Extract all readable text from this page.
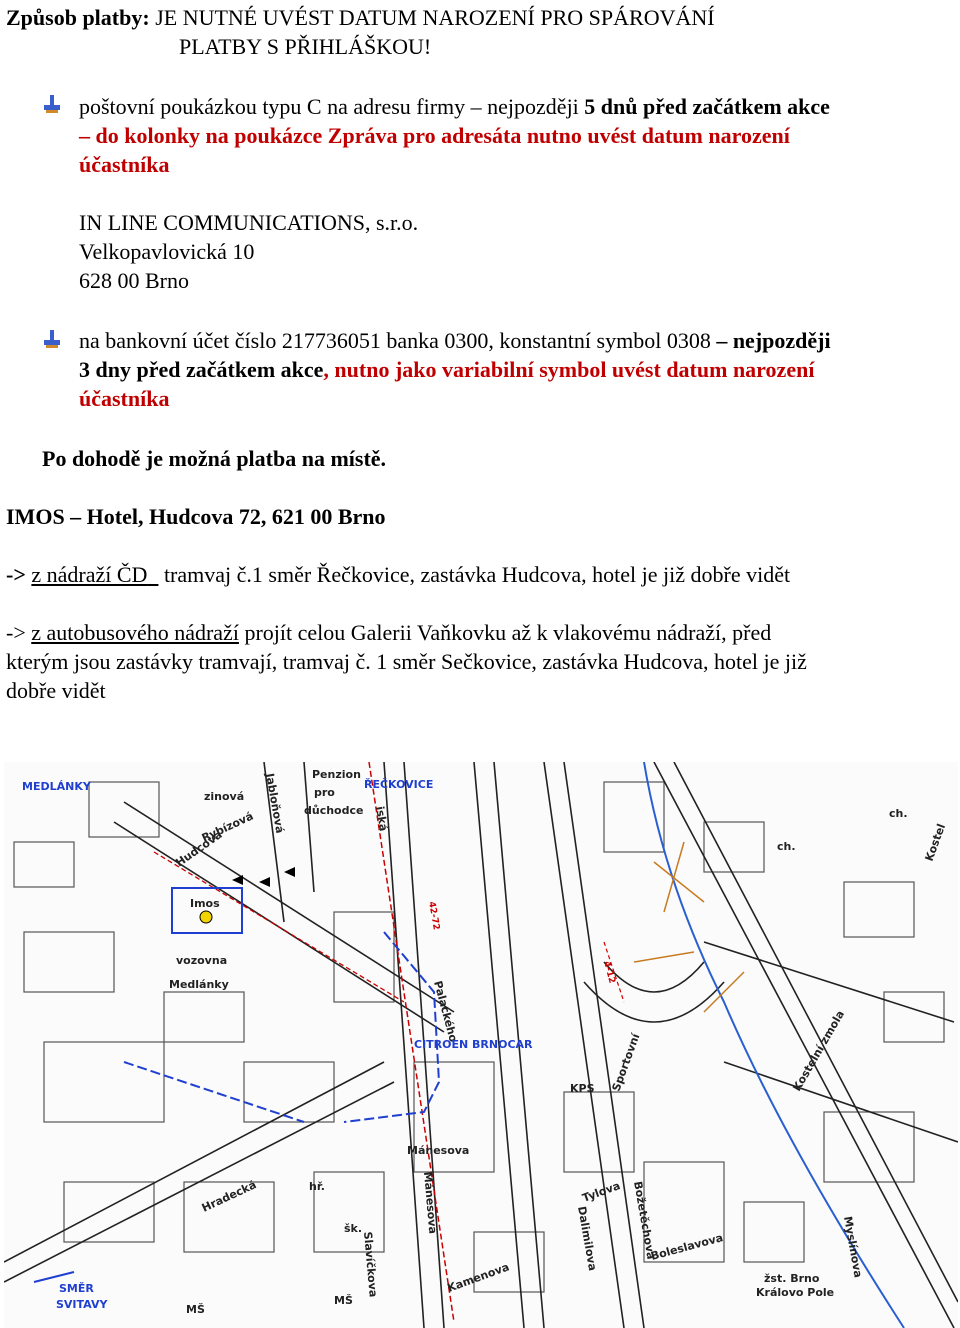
Způsob platby: JE NUTNÉ UVÉST DATUM NAROZENÍ PRO SPÁROVÁNÍ
PLATBY S PŘIHLÁŠKOU!
poštovní poukázkou typu C na adresu firmy – nejpozději 5 dnů před začátkem akce
– do kolonky na poukázce Zpráva pro adresáta nutno uvést datum narození
účastníka
IN LINE COMMUNICATIONS, s.r.o.
Velkopavlovická 10
628 00 Brno
na bankovní účet číslo 217736051 banka 0300, konstantní symbol 0308 – nejpozději
3 dny před začátkem akce, nutno jako variabilní symbol uvést datum narození
účastníka
Po dohodě je možná platba na místě.
IMOS – Hotel, Hudcova 72, 621 00 Brno
-> z nádraží ČD tramvaj č.1 směr Řečkovice, zastávka Hudcova, hotel je již dobře vidět
-> z autobusového nádraží projít celou Galerii Vaňkovku až k vlakovému nádraží, před
kterým jsou zastávky tramvají, tramvaj č. 1 směr Sečkovice, zastávka Hudcova, hotel je již
dobře vidět
MEDLÁNKY
zinová Jabloňová Penzion
pro
důchodce
ŘEČKOVICE
iská
Rybízová
Hudcova
Imos
vozovna
Medlánky	Palackého
CITROEN BRNOCAR
KPS Sportovní	Kostelní zmola
ch.
ch.	Kostel
Hradecká	hř.
šk.
Mánesova
Mánesova	Tylova Božetěchova
Dalimilova
Slavíčkova	Boleslavova	Myslínova
Kamenova
SMĚR
SVITAVY	MŠ
MŠ
žst. Brno
Královo Pole
42-72
4-12
